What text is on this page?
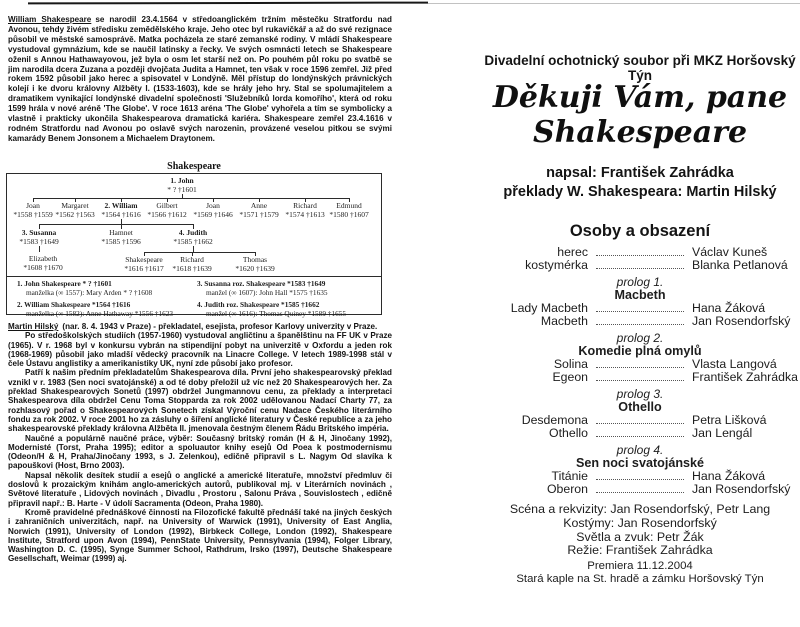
William Shakespeare se narodil 23.4.1564 v středoanglickém tržním městečku Stratfordu nad Avonou, tehdy živém středisku zemědělského kraje. Jeho otec byl rukavičkář a až do své rezignace působil ve městské samosprávě. Matka pocházela ze staré zemanské rodiny. V mládí Shakespeare vystudoval gymnázium, kde se naučil latinsky a řecky. Ve svých osmnácti letech se Shakespeare oženil s Annou Hathawayovou, jež byla o osm let starší než on. Po pouhém půl roku po svatbě se jim narodila dcera Zuzana a později dvojčata Judita a Hamnet, ten však v roce 1596 zemřel. Již před rokem 1592 působil jako herec a spisovatel v Londýně. Měl přístup do londýnských právnických kolejí i ke dvoru královny Alžběty I. (1533-1603), kde se hrály jeho hry. Stal se spolumajitelem a dramatikem vynikající londýnské divadelní společnosti 'Služebníků lorda komořího', která od roku 1599 hrála v nové aréně 'The Globe'. V roce 1613 aréna 'The Globe' vyhořela a tím se symbolicky a vlastně i prakticky ukončila Shakespearova dramatická kariéra. Shakespeare zemřel 23.4.1616 v rodném Stratfordu nad Avonou po oslavě svých narozenin, provázené veselou pitkou se svými kamarády Benem Jonsonem a Michaelem Draytonem.
Shakespeare
1. John
* ? †1601
Joan
*1558 †1559
Margaret
*1562 †1563
2. William
*1564 †1616
Gilbert
*1566 †1612
Joan
*1569 †1646
Anne
*1571 †1579
Richard
*1574 †1613
Edmund
*1580 †1607
3. Susanna
*1583 †1649
Hamnet
*1585 †1596
4. Judith
*1585 †1662
Elizabeth
*1608 †1670
Shakespeare
*1616 †1617
Richard
*1618 †1639
Thomas
*1620 †1639
1. John Shakespeare * ? †1601
manželka (∞ 1557): Mary Arden * ? †1608
2. William Shakespeare *1564 †1616
manželka (∞ 1582): Anne Hathaway *1556 †1623
3. Susanna roz. Shakespeare *1583 †1649
manžel (∞ 1607): John Hall *1575 †1635
4. Judith roz. Shakespeare *1585 †1662
manžel (∞ 1616): Thomas Quiney *1589 †1655

Martin Hilský (nar. 8. 4. 1943 v Praze) - překladatel, esejista, profesor Karlovy univerzity v Praze.

Po středoškolských studiích (1957-1960) vystudoval angličtinu a španělštinu na FF UK v Praze (1965). V r. 1968 byl v konkursu vybrán na stipendijní pobyt na univerzitě v Oxfordu a jeden rok (1968-1969) působil jako mladší vědecký pracovník na Linacre College. V letech 1989-1998 stál v čele Ústavu anglistiky a amerikanistiky UK, nyní zde působí jako profesor.

Patří k našim předním překladatelům Shakespearova díla. První jeho shakespearovský překlad vznikl v r. 1983 (Sen noci svatojánské) a od té doby přeložil už víc než 20 Shakespearových her. Za překlad Shakespearových Sonetů (1997) obdržel Jungmannovu cenu, za překlady a interpretaci Shakespearova díla obdržel Cenu Toma Stopparda za rok 2002 udělovanou Nadací Charty 77, za rozhlasový pořad o Shakespearových Sonetech získal Výroční cenu Nadace Českého literárního fondu za rok 2002. V roce 2001 ho za zásluhy o šíření anglické literatury v České republice a za jeho shakespearovské překlady královna Alžběta II. jmenovala čestným členem Řádu Britského impéria.

Naučné a populárně naučné práce, výběr: Současný britský román (H & H, Jinočany 1992), Modernisté (Torst, Praha 1995); editor a spoluautor knihy esejů Od Poea k postmodernismu (Odeon/H & H, Praha/Jinočany 1993, s J. Zelenkou), edičně připravil s L. Nagym Od slavíka k papouškovi (Host, Brno 2003).

Napsal několik desítek studií a esejů o anglické a americké literatuře, množství předmluv či doslovů k prozaickým knihám anglo-amerických autorů, publikoval mj. v Literárních novinách , Světové literatuře , Lidových novinách , Divadlu , Prostoru , Salonu Práva , Souvislostech , edičně připravil např.: B. Harte - V údolí Sacramenta (Odeon, Praha 1980).

Kromě pravidelné přednáškové činnosti na Filozofické fakultě přednáší také na jiných českých i zahraničních univerzitách, např. na University of Warwick (1991), University of East Anglia, Norwich (1991), University of London (1992), Birbkeck College, London (1992), Shakespeare Institute, Stratford upon Avon (1994), PennState University, Pennsylvania (1994), Folger Library, Washington D. C. (1995), Synge Summer School, Rathdrum, Irsko (1997), Deutsche Shakespeare Gesellschaft, Weimar (1999) aj.

Divadelní ochotnický soubor při MKZ Horšovský Týn
Děkuji Vám, pane Shakespeare
napsal: František Zahrádka
překlady W. Shakespeara: Martin Hilský
Osoby a obsazení
herec	Václav Kuneš
kostymérka	Blanka Petlanová
prolog 1.
Macbeth
Lady Macbeth	Hana Žáková
Macbeth	Jan Rosendorfský
prolog 2.
Komedie plná omylů
Solina	Vlasta Langová
Egeon	František Zahrádka
prolog 3.
Othello
Desdemona	Petra Lišková
Othello	Jan Lengál
prolog 4.
Sen noci svatojánské
Titánie	Hana Žáková
Oberon	Jan Rosendorfský
Scéna a rekvizity: Jan Rosendorfský, Petr Lang
Kostýmy: Jan Rosendorfský
Světla a zvuk: Petr Žák
Režie: František Zahrádka
Premiera 11.12.2004
Stará kaple na St. hradě a zámku Horšovský Týn
